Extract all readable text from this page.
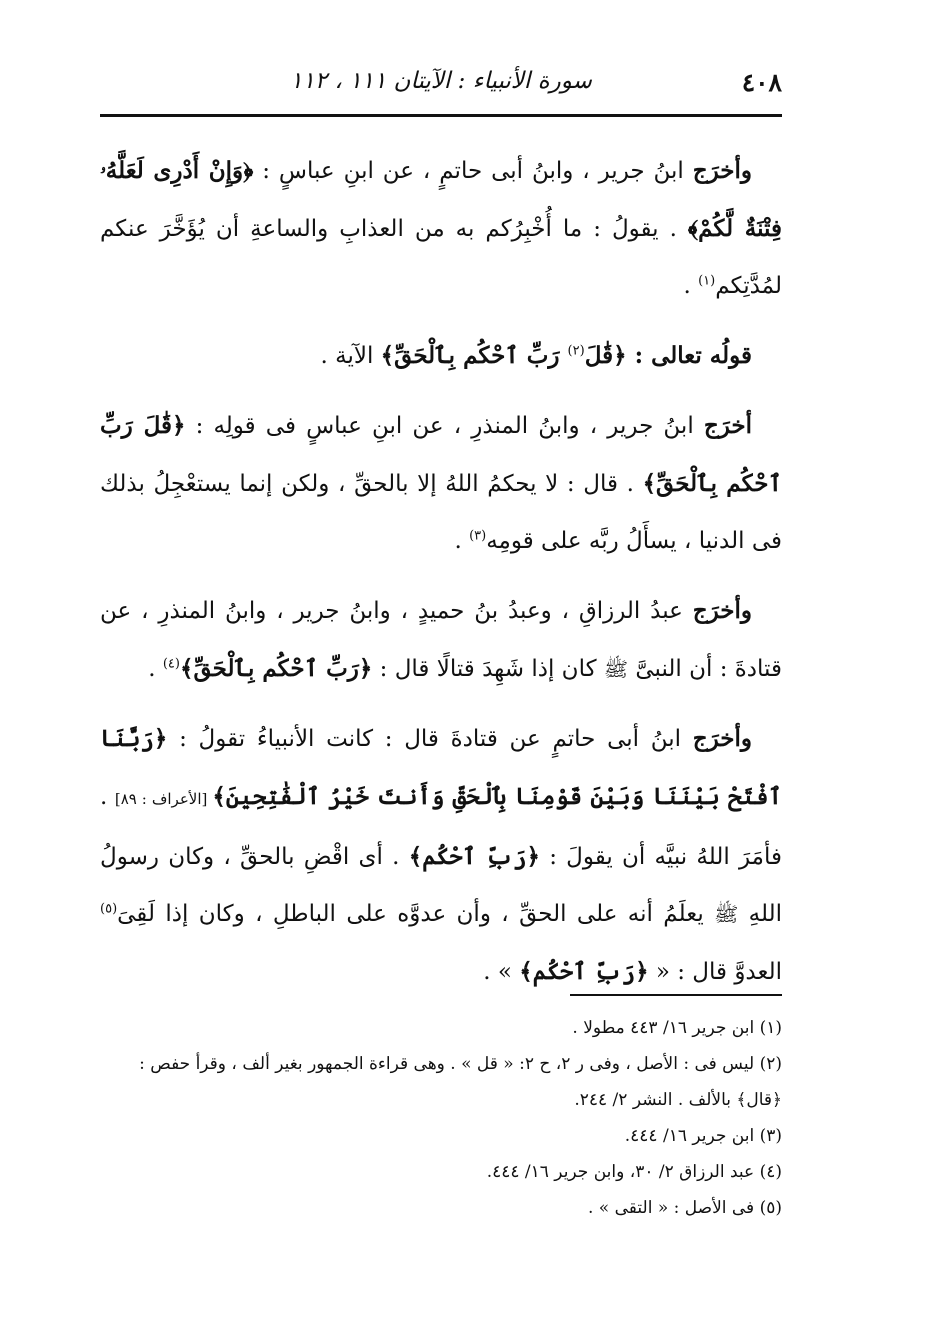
٤٠٨
سورة الأنبياء : الآيتان ١١١ ، ١١٢

وأخرَج ابنُ جرير ، وابنُ أبى حاتمٍ ، عن ابنِ عباسٍ : ﴿وَإِنْ أَدْرِى لَعَلَّهُۥ فِتْنَةٌ لَّكُمْ﴾ . يقولُ : ما أُخْبِرُكم به من العذابِ والساعةِ أن يُؤَخَّرَ عنكم لمُدَّتِكم$^{(١)}$ .

قولُه تعالى : ﴿قَٰلَ$^{(٢)}$ رَبِّ ٱحْكُم بِٱلْحَقِّ﴾ الآية .

أخرَج ابنُ جرير ، وابنُ المنذرِ ، عن ابنِ عباسٍ فى قولِه : ﴿قَٰلَ رَبِّ ٱحْكُم بِٱلْحَقِّ﴾ . قال : لا يحكمُ اللهُ إلا بالحقِّ ، ولكن إنما يستعْجِلُ بذلك فى الدنيا ، يسأَلُ ربَّه على قومِه$^{(٣)}$ .

وأخرَج عبدُ الرزاقِ ، وعبدُ بنُ حميدٍ ، وابنُ جرير ، وابنُ المنذرِ ، عن قتادةَ : أن النبىَّ ﷺ كان إذا شَهِدَ قتالًا قال : ﴿رَبِّ ٱحْكُم بِٱلْحَقِّ﴾$^{(٤)}$ .

وأخرَج ابنُ أبى حاتمٍ عن قتادةَ قال : كانت الأنبياءُ تقولُ : ﴿رَبَّنَا ٱفْتَحْ بَيْنَنَا وَبَيْنَ قَوْمِنَا بِٱلْحَقِّ وَأَنتَ خَيْرُ ٱلْفَٰتِحِينَ﴾ [الأعراف : ٨٩] . فأمَرَ اللهُ نبيَّه أن يقولَ : ﴿رَبِّ ٱحْكُم﴾ . أى اقْضِ بالحقِّ ، وكان رسولُ اللهِ ﷺ يعلَمُ أنه على الحقِّ ، وأن عدوَّه على الباطلِ ، وكان إذا لَقِىَ$^{(٥)}$ العدوَّ قال : « ﴿رَبِّ ٱحْكُم﴾ » .

(١) ابن جرير ١٦/ ٤٤٣ مطولا .

(٢) ليس فى : الأصل ، وفى ر ٢، ح ٢: « قل » . وهى قراءة الجمهور بغير ألف ، وقرأ حفص : ﴿قال﴾ بالألف . النشر ٢/ ٢٤٤.

(٣) ابن جرير ١٦/ ٤٤٤.

(٤) عبد الرزاق ٢/ ٣٠، وابن جرير ١٦/ ٤٤٤.

(٥) فى الأصل : « التقى » .
